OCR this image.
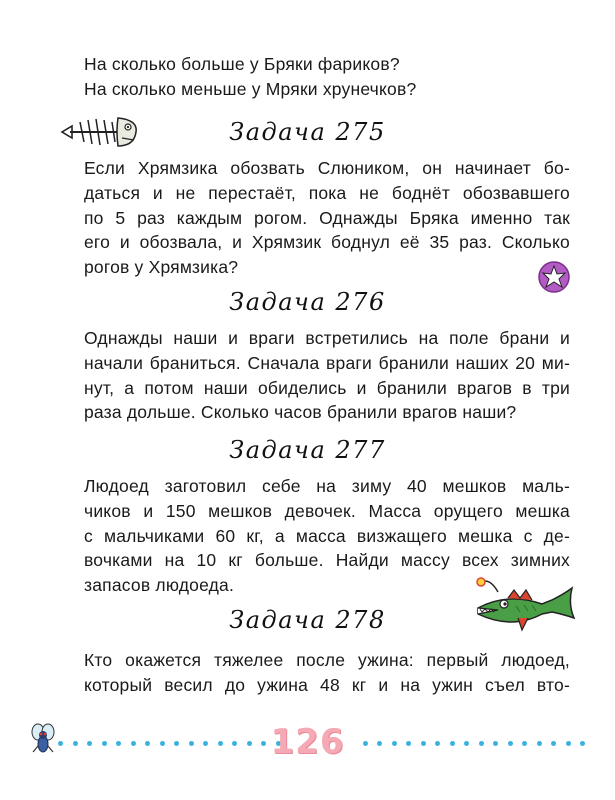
На сколько больше у Бряки фариков?
На сколько меньше у Мряки хрунечков?
Задача 275
Если Хрямзика обозвать Слюником, он начинает бо-
даться и не перестаёт, пока не боднёт обозвавшего
по 5 раз каждым рогом. Однажды Бряка именно так
его и обозвала, и Хрямзик боднул её 35 раз. Сколько
рогов у Хрямзика?
Задача 276
Однажды наши и враги встретились на поле брани и
начали браниться. Сначала враги бранили наших 20 ми-
нут, а потом наши обиделись и бранили врагов в три
раза дольше. Сколько часов бранили врагов наши?
Задача 277
Людоед заготовил себе на зиму 40 мешков маль-
чиков и 150 мешков девочек. Масса орущего мешка
с мальчиками 60 кг, а масса визжащего мешка с де-
вочками на 10 кг больше. Найди массу всех зимних
запасов людоеда.
Задача 278
Кто окажется тяжелее после ужина: первый людоед,
который весил до ужина 48 кг и на ужин съел вто-
126
